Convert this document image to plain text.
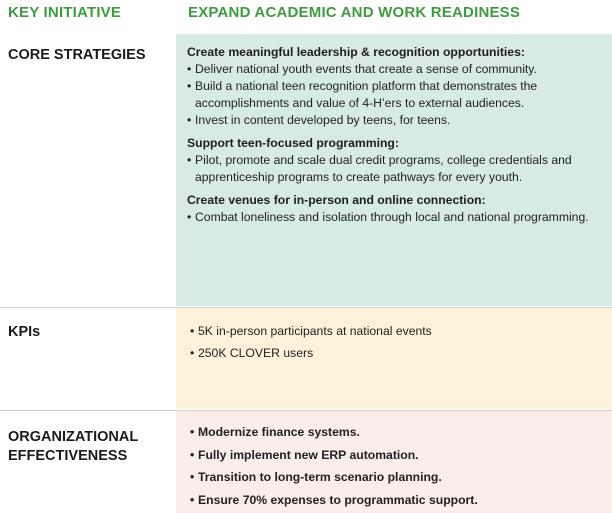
KEY INITIATIVE	EXPAND ACADEMIC AND WORK READINESS
CORE STRATEGIES	Create meaningful leadership & recognition opportunities:

• Deliver national youth events that create a sense of community.
• Build a national teen recognition platform that demonstrates the accomplishments and value of 4-H’ers to external audiences.
• Invest in content developed by teens, for teens.

Support teen-focused programming:

• Pilot, promote and scale dual credit programs, college credentials and apprenticeship programs to create pathways for every youth.

Create venues for in-person and online connection:

• Combat loneliness and isolation through local and national programming.
KPIs
•	5K in-person participants at national events
• 250K CLOVER users
ORGANIZATIONAL
EFFECTIVENESS
• Modernize finance systems.
• Fully implement new ERP automation.
• Transition to long-term scenario planning.
• Ensure 70% expenses to programmatic support.
